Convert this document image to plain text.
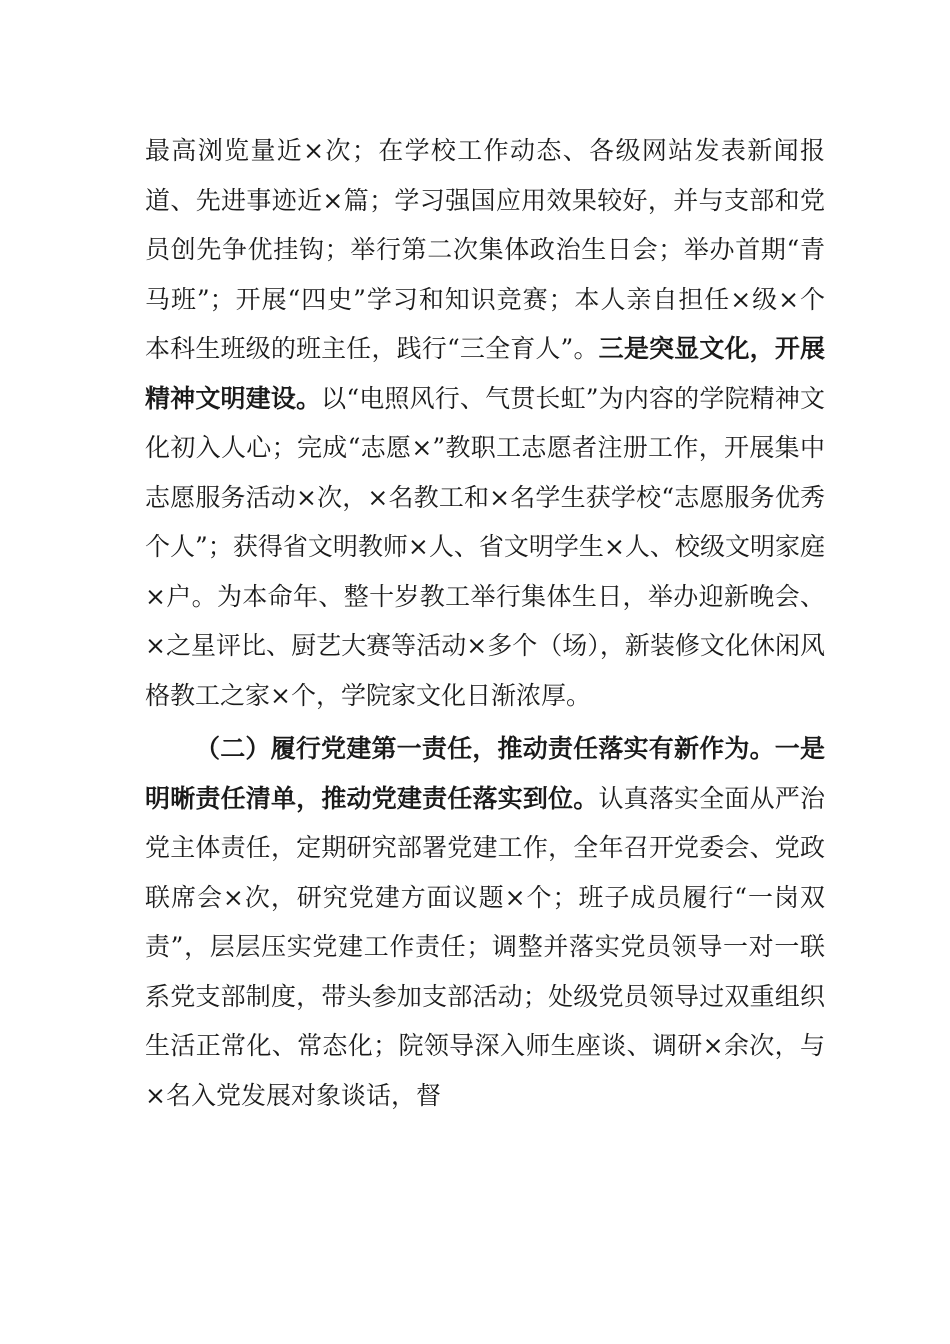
最高浏览量近×次；在学校工作动态、各级网站发表新闻报道、先进事迹近×篇；学习强国应用效果较好，并与支部和党员创先争优挂钩；举行第二次集体政治生日会；举办首期“青马班”；开展“四史”学习和知识竞赛；本人亲自担任×级×个本科生班级的班主任，践行“三全育人”。三是突显文化，开展精神文明建设。以“电照风行、气贯长虹”为内容的学院精神文化初入人心；完成“志愿×”教职工志愿者注册工作，开展集中志愿服务活动×次，×名教工和×名学生获学校“志愿服务优秀个人”；获得省文明教师×人、省文明学生×人、校级文明家庭×户。为本命年、整十岁教工举行集体生日，举办迎新晚会、×之星评比、厨艺大赛等活动×多个（场），新装修文化休闲风格教工之家×个，学院家文化日渐浓厚。

（二）履行党建第一责任，推动责任落实有新作为。一是明晰责任清单，推动党建责任落实到位。认真落实全面从严治党主体责任，定期研究部署党建工作，全年召开党委会、党政联席会×次，研究党建方面议题×个；班子成员履行“一岗双责”，层层压实党建工作责任；调整并落实党员领导一对一联系党支部制度，带头参加支部活动；处级党员领导过双重组织生活正常化、常态化；院领导深入师生座谈、调研×余次，与×名入党发展对象谈话，督
